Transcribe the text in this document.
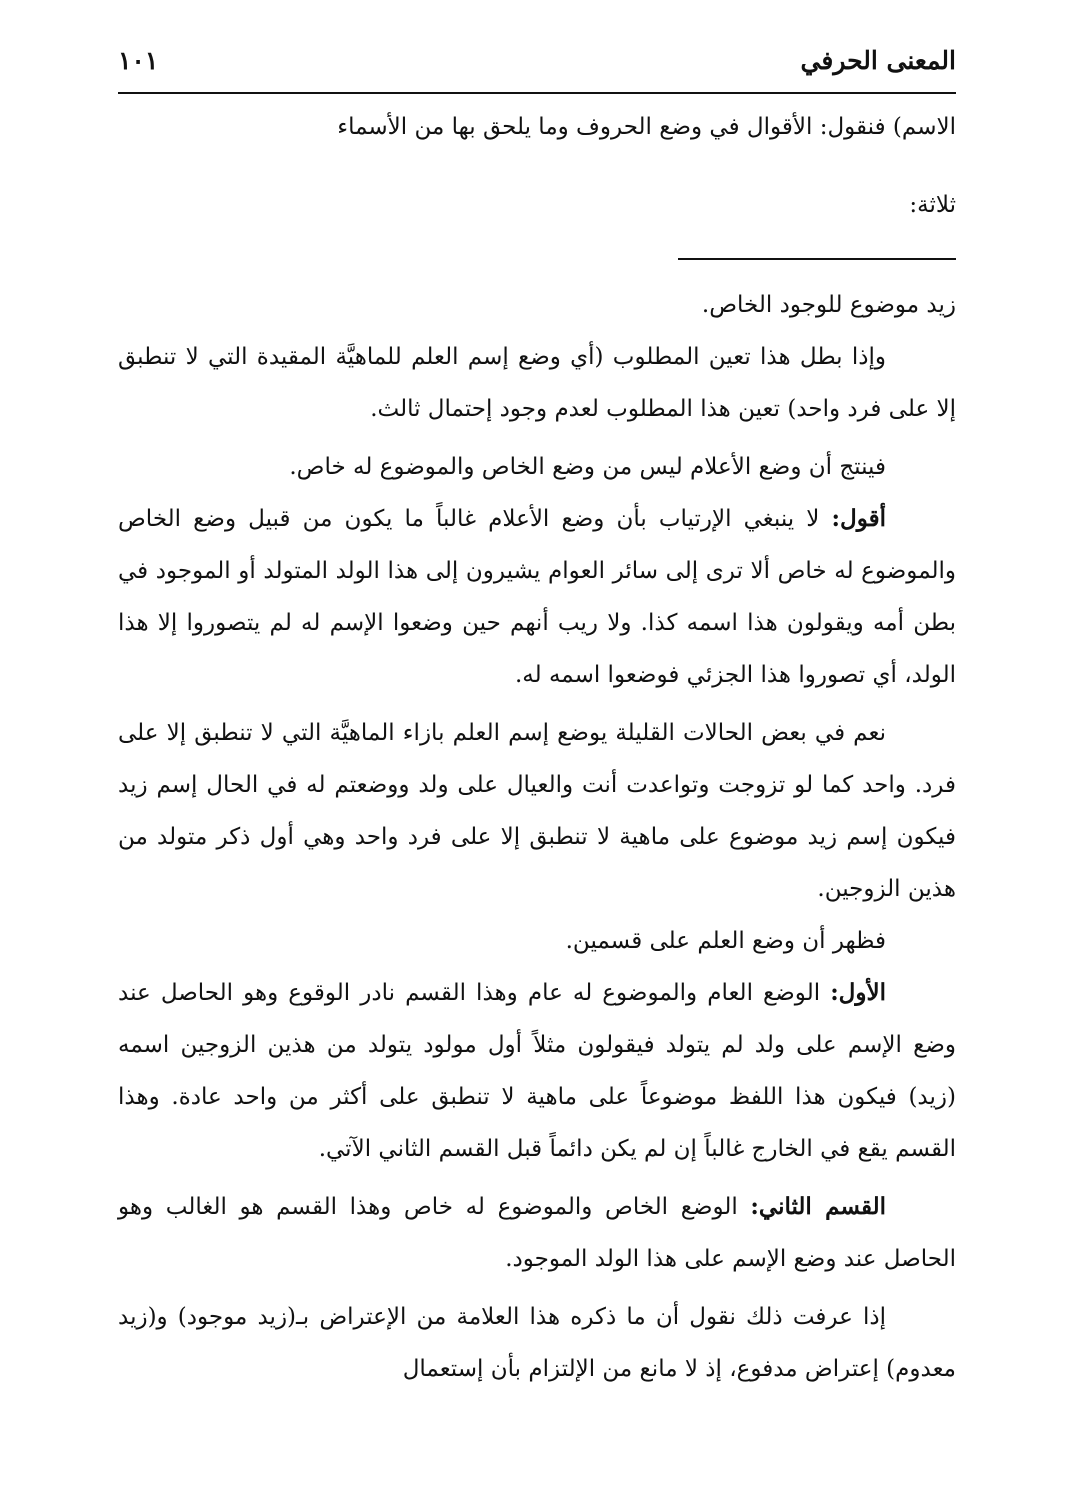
المعنى الحرفي
١٠١

الاسم) فنقول: الأقوال في وضع الحروف وما يلحق بها من الأسماء

ثلاثة:

زيد موضوع للوجود الخاص.

وإذا بطل هذا تعين المطلوب (أي وضع إسم العلم للماهيَّة المقيدة التي لا تنطبق إلا على فرد واحد) تعين هذا المطلوب لعدم وجود إحتمال ثالث.

فينتج أن وضع الأعلام ليس من وضع الخاص والموضوع له خاص.

أقول: لا ينبغي الإرتياب بأن وضع الأعلام غالباً ما يكون من قبيل وضع الخاص والموضوع له خاص ألا ترى إلى سائر العوام يشيرون إلى هذا الولد المتولد أو الموجود في بطن أمه ويقولون هذا اسمه كذا. ولا ريب أنهم حين وضعوا الإسم له لم يتصوروا إلا هذا الولد، أي تصوروا هذا الجزئي فوضعوا اسمه له.

نعم في بعض الحالات القليلة يوضع إسم العلم بازاء الماهيَّة التي لا تنطبق إلا على فرد. واحد كما لو تزوجت وتواعدت أنت والعيال على ولد ووضعتم له في الحال إسم زيد فيكون إسم زيد موضوع على ماهية لا تنطبق إلا على فرد واحد وهي أول ذكر متولد من هذين الزوجين.

فظهر أن وضع العلم على قسمين.

الأول: الوضع العام والموضوع له عام وهذا القسم نادر الوقوع وهو الحاصل عند وضع الإسم على ولد لم يتولد فيقولون مثلاً أول مولود يتولد من هذين الزوجين اسمه (زيد) فيكون هذا اللفظ موضوعاً على ماهية لا تنطبق على أكثر من واحد عادة. وهذا القسم يقع في الخارج غالباً إن لم يكن دائماً قبل القسم الثاني الآتي.

القسم الثاني: الوضع الخاص والموضوع له خاص وهذا القسم هو الغالب وهو الحاصل عند وضع الإسم على هذا الولد الموجود.

إذا عرفت ذلك نقول أن ما ذكره هذا العلامة من الإعتراض بـ(زيد موجود) و(زيد معدوم) إعتراض مدفوع، إذ لا مانع من الإلتزام بأن إستعمال
